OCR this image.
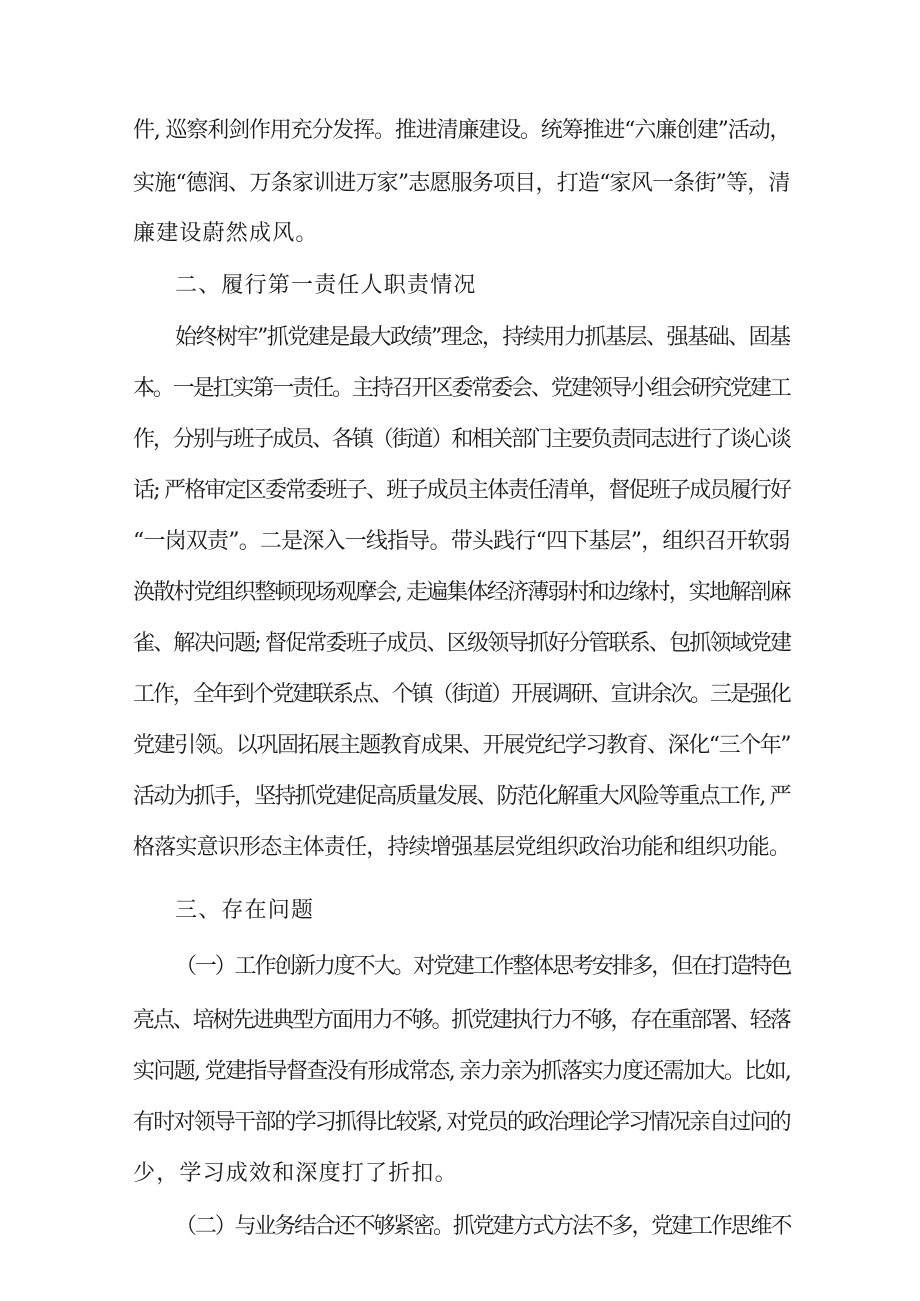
件, 巡察利剑作用充分发挥。推进清廉建设。统筹推进“六廉创建”活动，
实施“德润、万条家训进万家”志愿服务项目，打造“家风一条街”等，清
廉建设蔚然成风。
二、履行第一责任人职责情况
始终树牢”抓党建是最大政绩”理念，持续用力抓基层、强基础、固基
本。一是扛实第一责任。主持召开区委常委会、党建领导小组会研究党建工
作，分别与班子成员、各镇（街道）和相关部门主要负责同志进行了谈心谈
话; 严格审定区委常委班子、班子成员主体责任清单，督促班子成员履行好
“一岗双责”。二是深入一线指导。带头践行“四下基层”，组织召开软弱
涣散村党组织整顿现场观摩会, 走遍集体经济薄弱村和边缘村，实地解剖麻
雀、解决问题; 督促常委班子成员、区级领导抓好分管联系、包抓领域党建
工作，全年到个党建联系点、个镇（街道）开展调研、宣讲余次。三是强化
党建引领。以巩固拓展主题教育成果、开展党纪学习教育、深化“三个年”
活动为抓手，坚持抓党建促高质量发展、防范化解重大风险等重点工作, 严
格落实意识形态主体责任，持续增强基层党组织政治功能和组织功能。
三、存在问题
（一）工作创新力度不大。对党建工作整体思考安排多，但在打造特色
亮点、培树先进典型方面用力不够。抓党建执行力不够，存在重部署、轻落
实问题, 党建指导督查没有形成常态, 亲力亲为抓落实力度还需加大。比如,
有时对领导干部的学习抓得比较紧, 对党员的政治理论学习情况亲自过问的
少，学习成效和深度打了折扣。
（二）与业务结合还不够紧密。抓党建方式方法不多，党建工作思维不
